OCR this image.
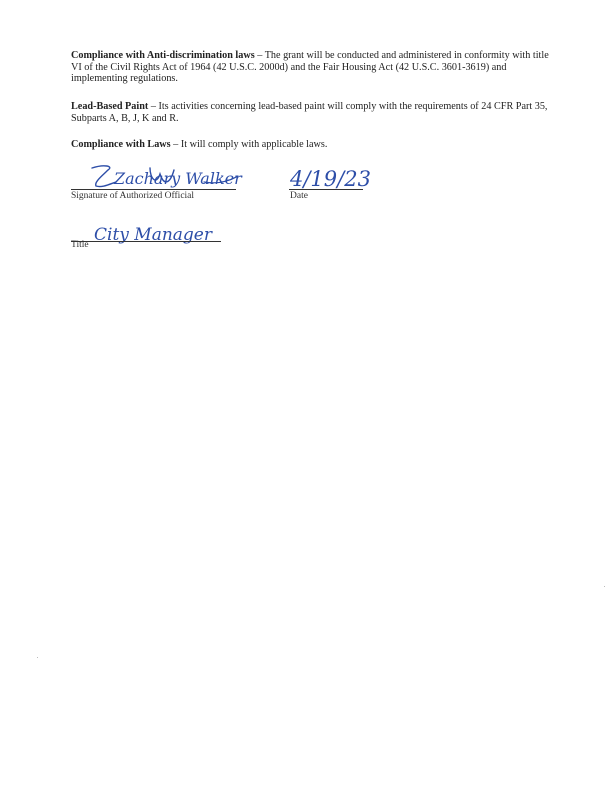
Compliance with Anti-discrimination laws – The grant will be conducted and administered in conformity with title VI of the Civil Rights Act of 1964 (42 U.S.C. 2000d) and the Fair Housing Act (42 U.S.C. 3601-3619) and implementing regulations.

Lead-Based Paint – Its activities concerning lead-based paint will comply with the requirements of 24 CFR Part 35, Subparts A, B, J, K and R.

Compliance with Laws – It will comply with applicable laws.

Zachary Walker
Signature of Authorized Official
4/19/23
Date
City Manager
Title
